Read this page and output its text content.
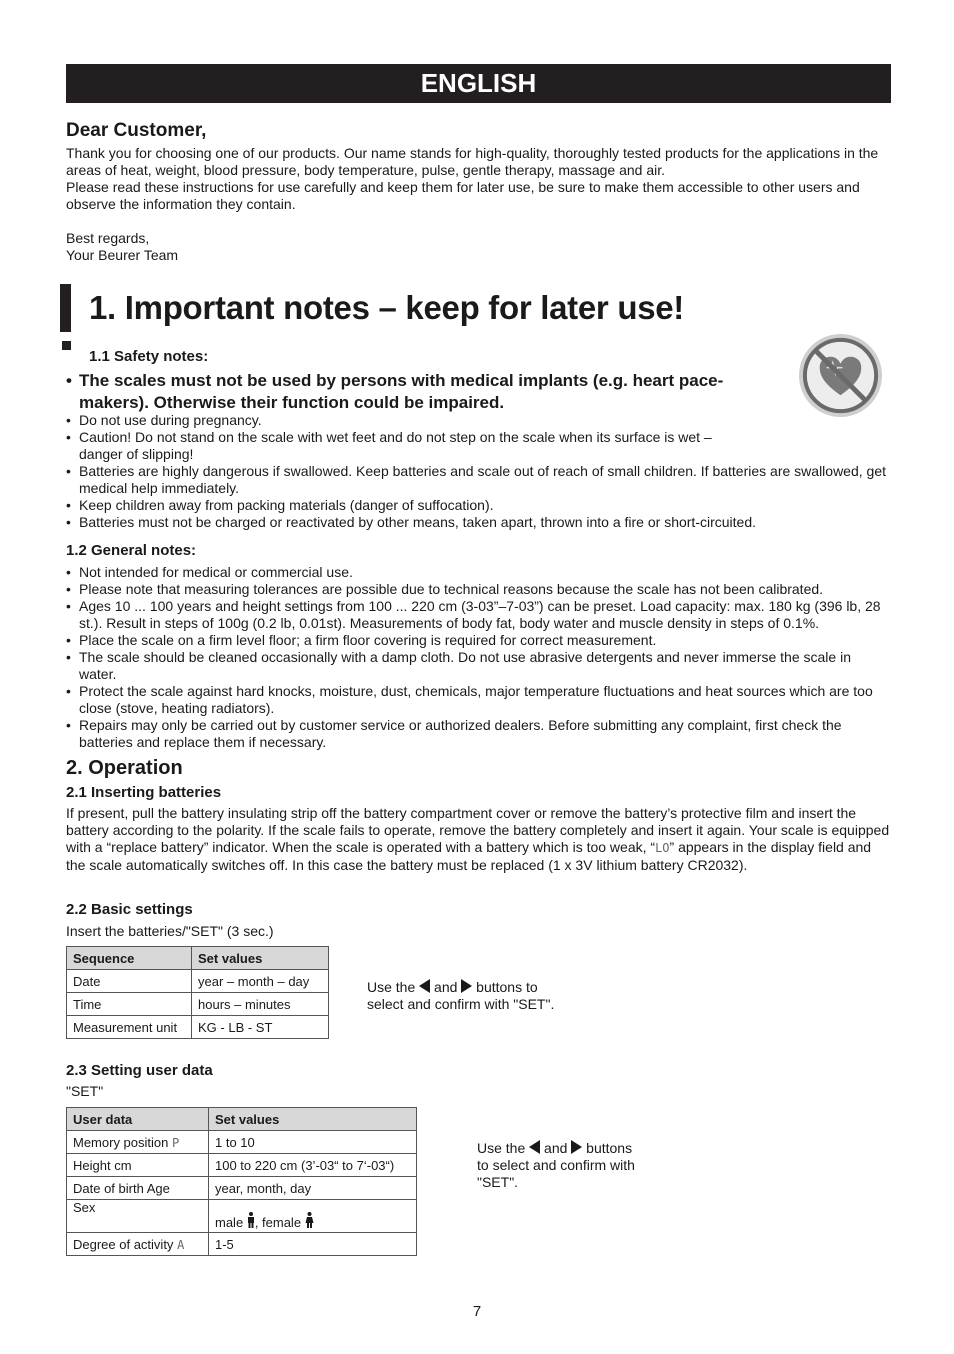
ENGLISH
Dear Customer,
Thank you for choosing one of our products. Our name stands for high-quality, thoroughly tested products for the applications in the areas of heat, weight, blood pressure, body temperature, pulse, gentle therapy, massage and air.
Please read these instructions for use carefully and keep them for later use, be sure to make them accessible to other users and observe the information they contain.
Best regards,
Your Beurer Team
1. Important notes – keep for later use!
1.1 Safety notes:
• The scales must not be used by persons with medical implants (e.g. heart pace-makers). Otherwise their function could be impaired.
• Do not use during pregnancy.
• Caution! Do not stand on the scale with wet feet and do not step on the scale when its surface is wet – danger of slipping!
• Batteries are highly dangerous if swallowed. Keep batteries and scale out of reach of small children. If batteries are swallowed, get medical help immediately.
• Keep children away from packing materials (danger of suffocation).
• Batteries must not be charged or reactivated by other means, taken apart, thrown into a fire or short-circuited.
1.2 General notes:
• Not intended for medical or commercial use.
• Please note that measuring tolerances are possible due to technical reasons because the scale has not been calibrated.
• Ages 10 ... 100 years and height settings from 100 ... 220 cm (3-03”–7-03”) can be preset. Load capacity: max. 180 kg (396 lb, 28 st.). Result in steps of 100g (0.2 lb, 0.01st). Measurements of body fat, body water and muscle density in steps of 0.1%.
• Place the scale on a firm level floor; a firm floor covering is required for correct measurement.
• The scale should be cleaned occasionally with a damp cloth. Do not use abrasive detergents and never immerse the scale in water.
• Protect the scale against hard knocks, moisture, dust, chemicals, major temperature fluctuations and heat sources which are too close (stove, heating radiators).
• Repairs may only be carried out by customer service or authorized dealers. Before submitting any complaint, first check the batteries and replace them if necessary.
2. Operation
2.1 Inserting batteries
If present, pull the battery insulating strip off the battery compartment cover or remove the battery’s protective film and insert the battery according to the polarity. If the scale fails to operate, remove the battery completely and insert it again. Your scale is equipped with a “replace battery” indicator. When the scale is operated with a battery which is too weak, “LO” appears in the display field and the scale automatically switches off. In this case the battery must be replaced (1 x 3V lithium battery CR2032).
2.2 Basic settings
Insert the batteries/"SET" (3 sec.)
Sequence	Set values
Date	year – month – day
Time	hours – minutes
Measurement unit	KG - LB - ST
Use the and buttons to
select and confirm with "SET".
2.3 Setting user data
"SET"
User data	Set values
Memory position P	1 to 10
Height cm	100 to 220 cm (3’-03“ to 7‘-03“)
Date of birth Age	year, month, day
Sex	male , female
Degree of activity A	1-5
Use the and buttons
to select and confirm with
"SET".
7
